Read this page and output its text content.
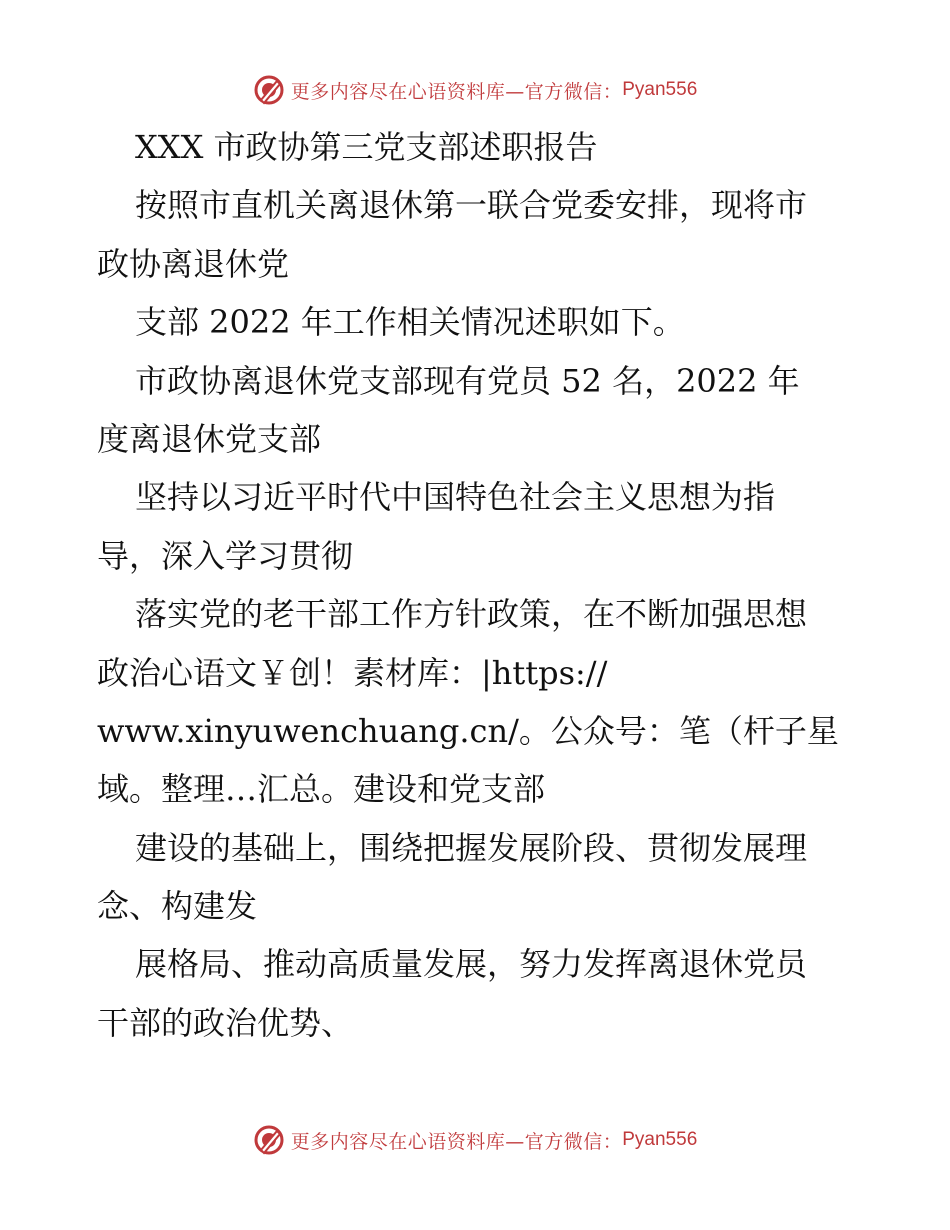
更多内容尽在心语资料库—官方微信： Pyan556
XXX 市政协第三党支部述职报告
按照市直机关离退休第一联合党委安排，现将市
政协离退休党
支部 2022 年工作相关情况述职如下。
市政协离退休党支部现有党员 52 名，2022 年
度离退休党支部
坚持以习近平时代中国特色社会主义思想为指
导，深入学习贯彻
落实党的老干部工作方针政策，在不断加强思想
政治心语文￥创！素材库：|https://
www.xinyuwenchuang.cn/。公众号：笔（杆子星
域。整理…汇总。建设和党支部
建设的基础上，围绕把握发展阶段、贯彻发展理
念、构建发
展格局、推动高质量发展，努力发挥离退休党员
干部的政治优势、
更多内容尽在心语资料库—官方微信： Pyan556
